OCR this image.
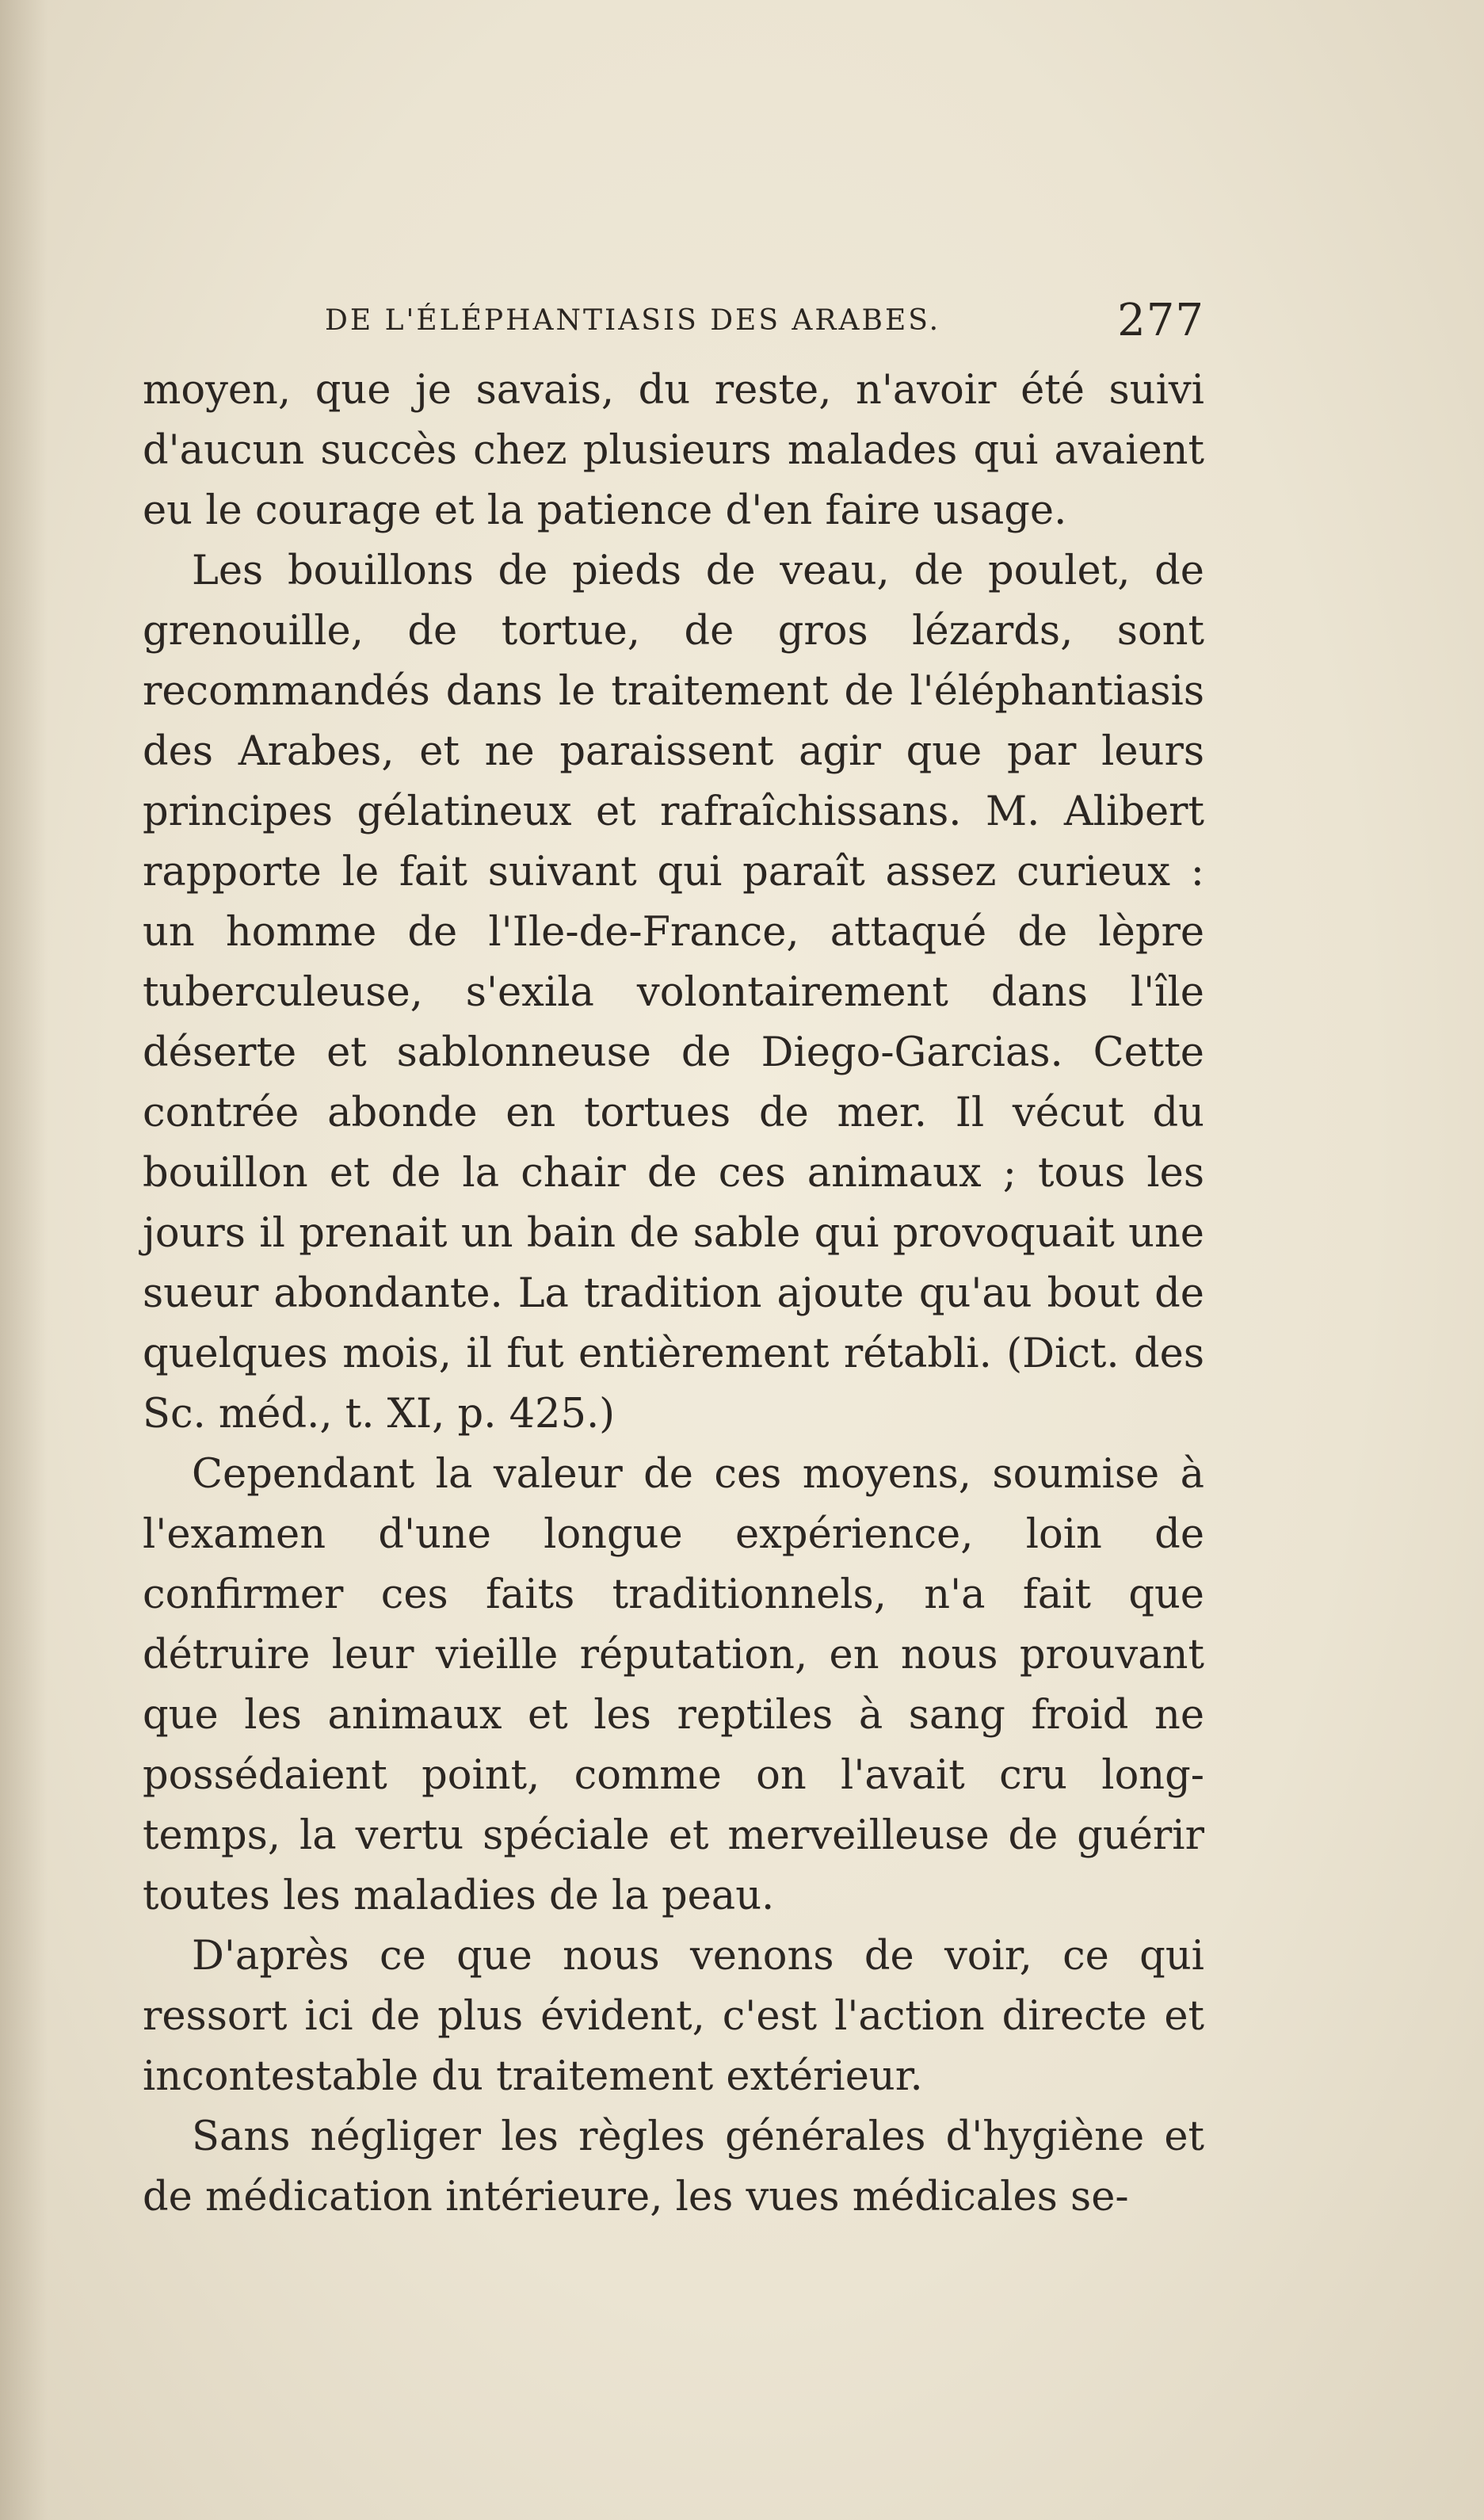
DE L'ÉLÉPHANTIASIS DES ARABES.	277

moyen, que je savais, du reste, n'avoir été suivi d'aucun succès chez plusieurs malades qui avaient eu le courage et la patience d'en faire usage.

Les bouillons de pieds de veau, de poulet, de grenouille, de tortue, de gros lézards, sont recommandés dans le traitement de l'éléphantiasis des Arabes, et ne paraissent agir que par leurs principes gélatineux et rafraîchissans. M. Alibert rapporte le fait suivant qui paraît assez curieux : un homme de l'Ile-de-France, attaqué de lèpre tuberculeuse, s'exila volontairement dans l'île déserte et sablonneuse de Diego-Garcias. Cette contrée abonde en tortues de mer. Il vécut du bouillon et de la chair de ces animaux ; tous les jours il prenait un bain de sable qui provoquait une sueur abondante. La tradition ajoute qu'au bout de quelques mois, il fut entièrement rétabli. (Dict. des Sc. méd., t. XI, p. 425.)

Cependant la valeur de ces moyens, soumise à l'examen d'une longue expérience, loin de confirmer ces faits traditionnels, n'a fait que détruire leur vieille réputation, en nous prouvant que les animaux et les reptiles à sang froid ne possédaient point, comme on l'avait cru long-temps, la vertu spéciale et merveilleuse de guérir toutes les maladies de la peau.

D'après ce que nous venons de voir, ce qui ressort ici de plus évident, c'est l'action directe et incontestable du traitement extérieur.

Sans négliger les règles générales d'hygiène et de médication intérieure, les vues médicales se-
